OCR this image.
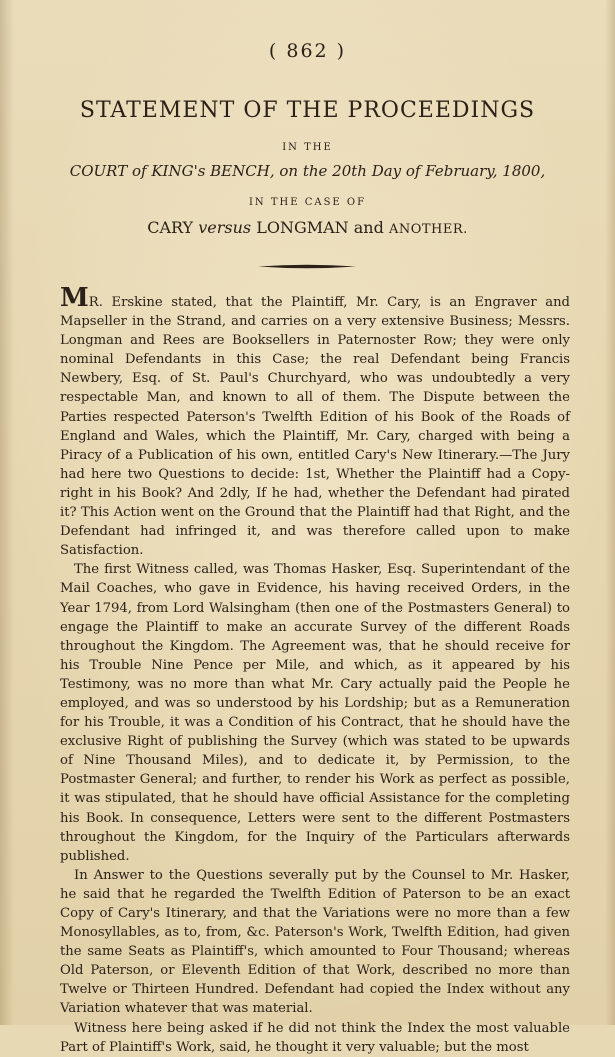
( 862 )
STATEMENT OF THE PROCEEDINGS
IN THE
COURT of KING's BENCH, on the 20th Day of February, 1800,
IN THE CASE OF
CARY versus LONGMAN and ANOTHER.

MR. Erskine stated, that the Plaintiff, Mr. Cary, is an Engraver and Mapseller in the Strand, and carries on a very extensive Business; Messrs. Longman and Rees are Booksellers in Paternoster Row; they were only nominal Defendants in this Case; the real Defendant being Francis Newbery, Esq. of St. Paul's Churchyard, who was undoubtedly a very respectable Man, and known to all of them. The Dispute between the Parties respected Paterson's Twelfth Edition of his Book of the Roads of England and Wales, which the Plaintiff, Mr. Cary, charged with being a Piracy of a Publication of his own, entitled Cary's New Itinerary.—The Jury had here two Questions to decide: 1st, Whether the Plaintiff had a Copy-right in his Book? And 2dly, If he had, whether the Defendant had pirated it? This Action went on the Ground that the Plaintiff had that Right, and the Defendant had infringed it, and was therefore called upon to make Satisfaction.

The first Witness called, was Thomas Hasker, Esq. Superintendant of the Mail Coaches, who gave in Evidence, his having received Orders, in the Year 1794, from Lord Walsingham (then one of the Postmasters General) to engage the Plaintiff to make an accurate Survey of the different Roads throughout the Kingdom. The Agreement was, that he should receive for his Trouble Nine Pence per Mile, and which, as it appeared by his Testimony, was no more than what Mr. Cary actually paid the People he employed, and was so understood by his Lordship; but as a Remuneration for his Trouble, it was a Condition of his Contract, that he should have the exclusive Right of publishing the Survey (which was stated to be upwards of Nine Thousand Miles), and to dedicate it, by Permission, to the Postmaster General; and further, to render his Work as perfect as possible, it was stipulated, that he should have official Assistance for the completing his Book. In consequence, Letters were sent to the different Postmasters throughout the Kingdom, for the Inquiry of the Particulars afterwards published.

In Answer to the Questions severally put by the Counsel to Mr. Hasker, he said that he regarded the Twelfth Edition of Paterson to be an exact Copy of Cary's Itinerary, and that the Variations were no more than a few Monosyllables, as to, from, &c. Paterson's Work, Twelfth Edition, had given the same Seats as Plaintiff's, which amounted to Four Thousand; whereas Old Paterson, or Eleventh Edition of that Work, described no more than Twelve or Thirteen Hundred. Defendant had copied the Index without any Variation whatever that was material.

Witness here being asked if he did not think the Index the most valuable Part of Plaintiff's Work, said, he thought it very valuable; but the most
